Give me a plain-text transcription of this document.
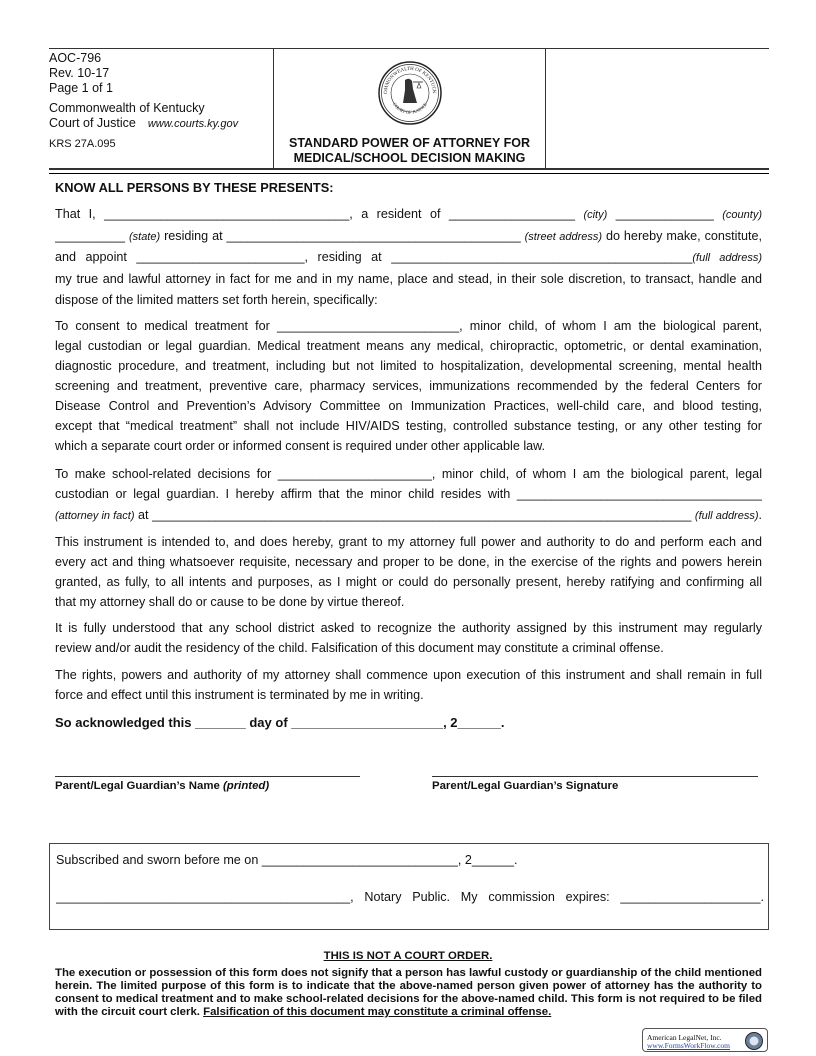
AOC-796
Rev. 10-17
Page 1 of 1
Commonwealth of Kentucky
Court of Justice www.courts.ky.gov
KRS 27A.095
OMMONWEALTH OF KENTUCK
COURT OF JUSTICE
STANDARD POWER OF ATTORNEY FOR
MEDICAL/SCHOOL DECISION MAKING
KNOW ALL PERSONS BY THESE PRESENTS:
That I, ___________________________________, a resident of __________________ (city) ______________ (county)
__________ (state) residing at __________________________________________ (street address) do hereby make, constitute,
and appoint ________________________, residing at ___________________________________________(full address)
my true and lawful attorney in fact for me and in my name, place and stead, in their sole discretion, to transact, handle and
dispose of the limited matters set forth herein, specifically:
To consent to medical treatment for __________________________, minor child, of whom I am the biological parent,
legal custodian or legal guardian. Medical treatment means any medical, chiropractic, optometric, or dental examination,
diagnostic procedure, and treatment, including but not limited to hospitalization, developmental screening, mental health
screening and treatment, preventive care, pharmacy services, immunizations recommended by the federal Centers for
Disease Control and Prevention’s Advisory Committee on Immunization Practices, well-child care, and blood testing,
except that “medical treatment” shall not include HIV/AIDS testing, controlled substance testing, or any other testing for
which a separate court order or informed consent is required under other applicable law.
To make school-related decisions for ______________________, minor child, of whom I am the biological parent, legal
custodian or legal guardian. I hereby affirm that the minor child resides with ___________________________________
(attorney in fact) at _____________________________________________________________________________ (full address).
This instrument is intended to, and does hereby, grant to my attorney full power and authority to do and perform each and
every act and thing whatsoever requisite, necessary and proper to be done, in the exercise of the rights and powers herein
granted, as fully, to all intents and purposes, as I might or could do personally present, hereby ratifying and confirming all
that my attorney shall do or cause to be done by virtue thereof.
It is fully understood that any school district asked to recognize the authority assigned by this instrument may regularly
review and/or audit the residency of the child. Falsification of this document may constitute a criminal offense.
The rights, powers and authority of my attorney shall commence upon execution of this instrument and shall remain in full
force and effect until this instrument is terminated by me in writing.
So acknowledged this _______ day of _____________________, 2______.
Parent/Legal Guardian’s Name (printed)	Parent/Legal Guardian’s Signature
Subscribed and sworn before me on ____________________________, 2______.
__________________________________________, Notary Public. My commission expires: ____________________.
THIS IS NOT A COURT ORDER.
The execution or possession of this form does not signify that a person has lawful custody or guardianship of the child mentioned herein. The limited purpose of this form is to indicate that the above-named person given power of attorney has the authority to consent to medical treatment and to make school-related decisions for the above-named child. This form is not required to be filed with the circuit court clerk. Falsification of this document may constitute a criminal offense.
American LegalNet, Inc.
www.FormsWorkFlow.com
